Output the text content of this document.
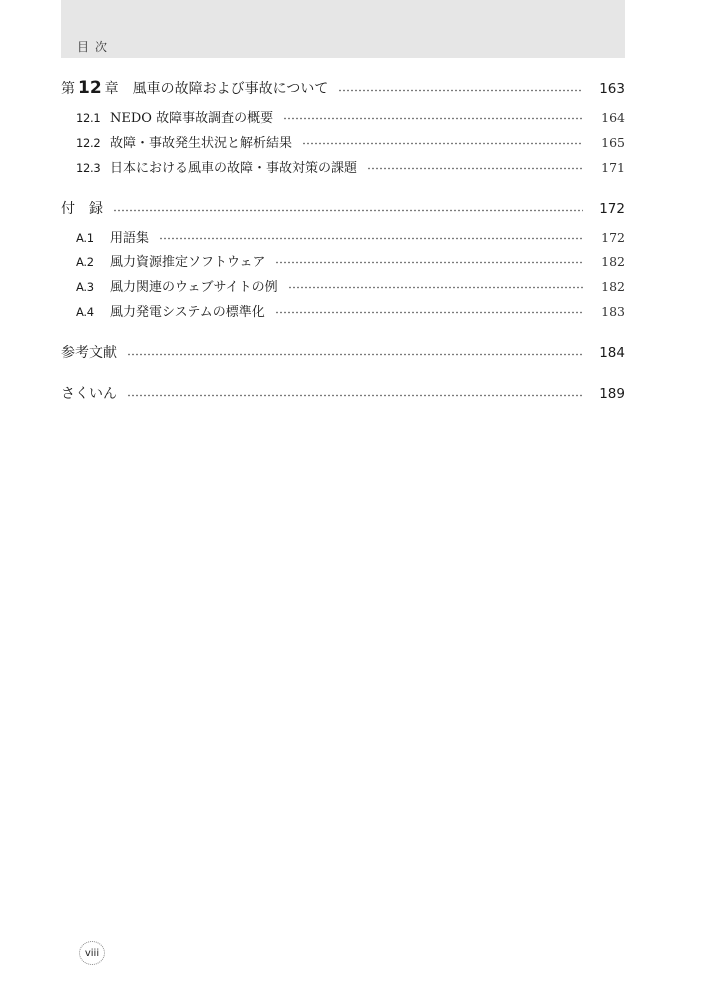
目次
第 12 章 風車の故障および事故について	163
12.1 NEDO 故障事故調査の概要	164
12.2 故障・事故発生状況と解析結果	165
12.3 日本における風車の故障・事故対策の課題	171
付　録	172
A.1	用語集	172
A.2	風力資源推定ソフトウェア	182
A.3	風力関連のウェブサイトの例	182
A.4	風力発電システムの標準化	183
参考文献	184
さくいん	189
viii
